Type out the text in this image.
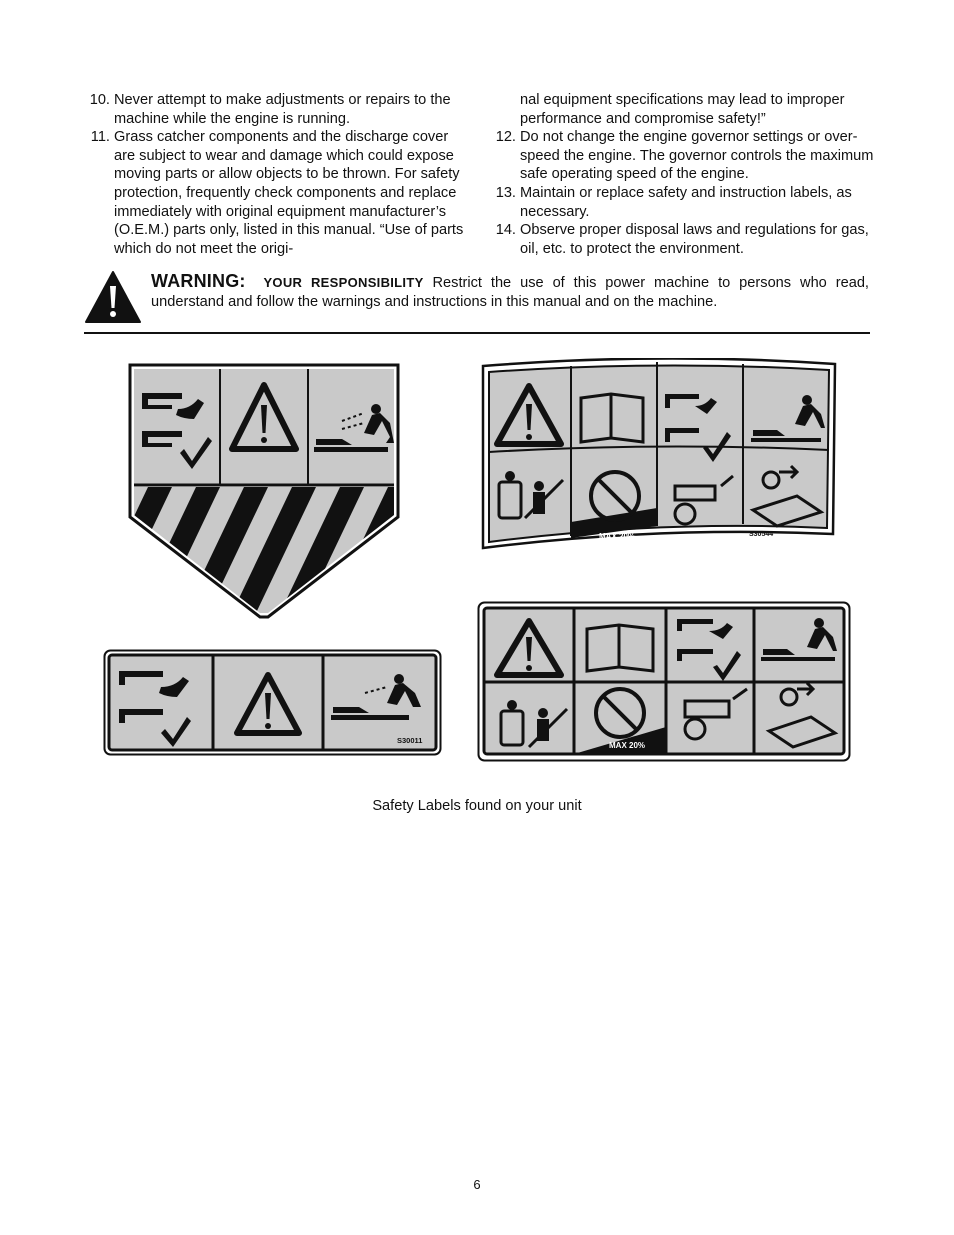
10. Never attempt to make adjustments or repairs to the machine while the engine is running.
11. Grass catcher components and the discharge cover are subject to wear and damage which could expose moving parts or allow objects to be thrown. For safety protection, frequently check components and replace immediately with original equipment manufacturer’s (O.E.M.) parts only, listed in this manual. “Use of parts which do not meet the origi-
nal equipment specifications may lead to improper performance and compromise safety!”
12. Do not change the engine governor settings or over-speed the engine. The governor controls the maximum safe operating speed of the engine.
13. Maintain or replace safety and instruction labels, as necessary.
14. Observe proper disposal laws and regulations for gas, oil, etc. to protect the environment.
WARNING: YOUR RESPONSIBILITY Restrict the use of this power machine to persons who read, understand and follow the warnings and instructions in this manual and on the machine.
MAX 20%	S30544
S30011
MAX 20%
Safety Labels found on your unit
6
